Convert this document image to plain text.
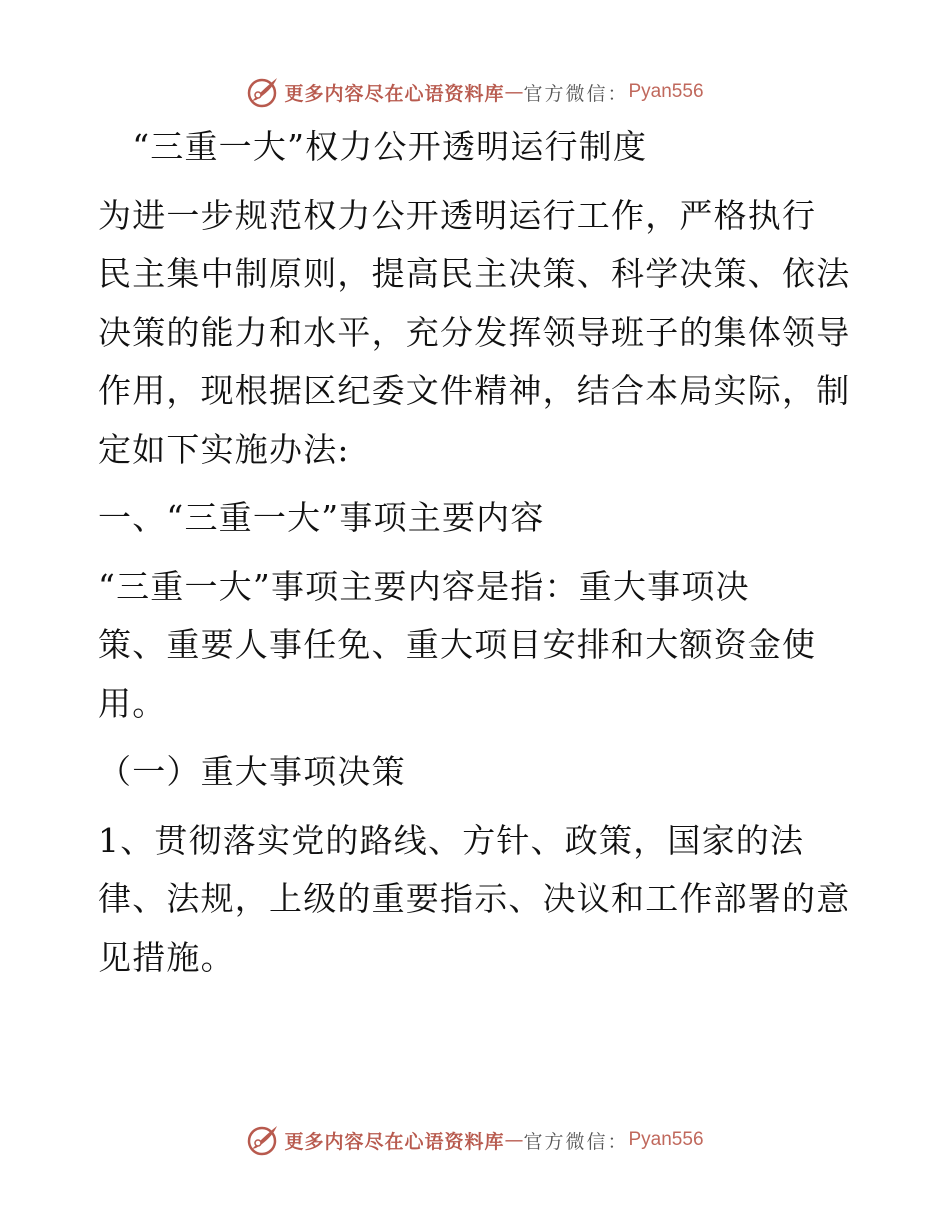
更多内容尽在心语资料库 — 官方微信： Pyan556
　“三重一大”权力公开透明运行制度
为进一步规范权力公开透明运行工作，严格执行
民主集中制原则，提高民主决策、科学决策、依法
决策的能力和水平，充分发挥领导班子的集体领导
作用，现根据区纪委文件精神，结合本局实际，制
定如下实施办法:
一、“三重一大”事项主要内容
“三重一大”事项主要内容是指：重大事项决
策、重要人事任免、重大项目安排和大额资金使
用。
（一）重大事项决策
1、贯彻落实党的路线、方针、政策，国家的法
律、法规，上级的重要指示、决议和工作部署的意
见措施。
更多内容尽在心语资料库 — 官方微信： Pyan556
